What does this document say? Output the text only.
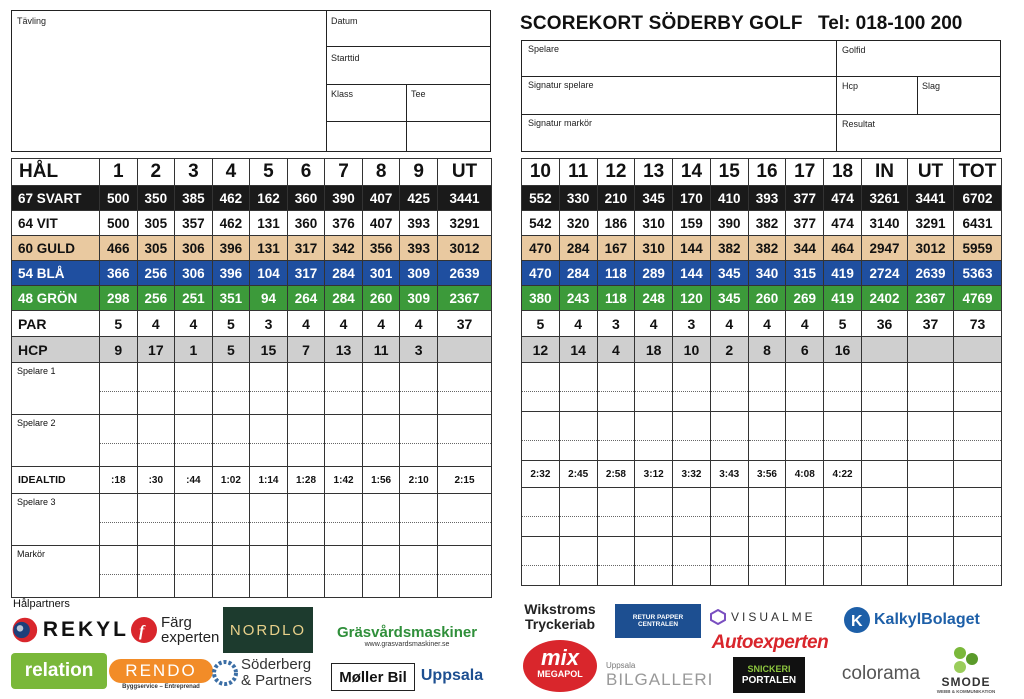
Tävling	Datum
Starttid
Klass	Tee
SCOREKORT SÖDERBY GOLF Tel: 018-100 200
Spelare	Golfid
Signatur spelare	Hcp	Slag
Signatur markör	Resultat
HÅL	1	2	3	4	5	6	7	8	9	UT
67 SVART	500	350	385	462	162	360	390	407	425	3441
64 VIT	500	305	357	462	131	360	376	407	393	3291
60 GULD	466	305	306	396	131	317	342	356	393	3012
54 BLÅ	366	256	306	396	104	317	284	301	309	2639
48 GRÖN	298	256	251	351	94	264	284	260	309	2367
PAR	5	4	4	5	3	4	4	4	4	37
HCP	9	17	1	5	15	7	13	11	3	
Spelare 1	

Spelare 2	

IDEALTID	:18	:30	:44	1:02	1:14	1:28	1:42	1:56	2:10	2:15
Spelare 3	

Markör	

10	11	12	13	14	15	16	17	18	IN	UT	TOT
552	330	210	345	170	410	393	377	474	3261	3441	6702
542	320	186	310	159	390	382	377	474	3140	3291	6431
470	284	167	310	144	382	382	344	464	2947	3012	5959
470	284	118	289	144	345	340	315	419	2724	2639	5363
380	243	118	248	120	345	260	269	419	2402	2367	4769
5	4	3	4	3	4	4	4	5	36	37	73
12	14	4	18	10	2	8	6	16			

2:32	2:45	2:58	3:12	3:32	3:43	3:56	4:08	4:22			

Hålpartners
REKYL f
Färg
experten NORDLO Gräsvårdsmaskiner
www.grasvardsmaskiner.se
relation	RENDO
Byggservice – Entreprenad
Söderberg
& Partners Møller Bil Uppsala
Wikstroms
Tryckeriab	RETUR PAPPER CENTRALEN
VISUALME
Autoexperten
K KalkylBolaget
mix
MEGAPOL
Uppsala
BILGALLERI
SNICKERI
PORTALEN colorama SMODE
WEBB & KOMMUNIKATION
